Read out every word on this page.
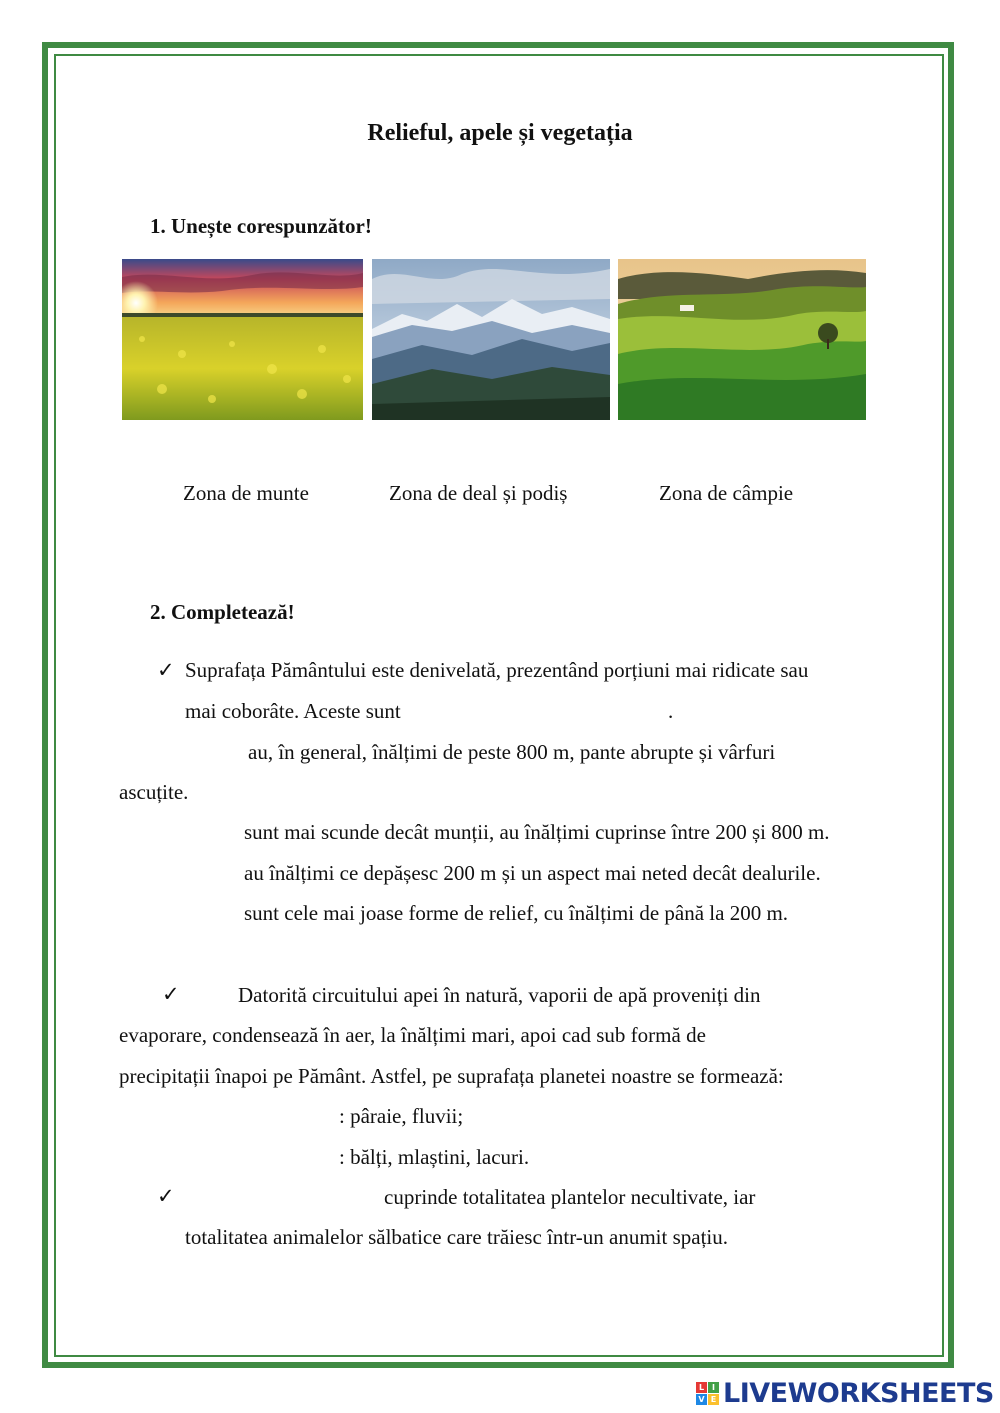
Relieful, apele și vegetația
1. Unește corespunzător!
Zona de munte	Zona de deal și podiș	Zona de câmpie
2. Completează!
✓ Suprafața Pământului este denivelată, prezentând porțiuni mai ridicate sau
mai coborâte. Aceste sunt	.
au, în general, înălțimi de peste 800 m, pante abrupte și vârfuri
ascuțite.
sunt mai scunde decât munții, au înălțimi cuprinse între 200 și 800 m.
au înălțimi ce depășesc 200 m și un aspect mai neted decât dealurile.
sunt cele mai joase forme de relief, cu înălțimi de până la 200 m.
✓	Datorită circuitului apei în natură, vaporii de apă proveniți din
evaporare, condensează în aer, la înălțimi mari, apoi cad sub formă de
precipitații înapoi pe Pământ. Astfel, pe suprafața planetei noastre se formează:
: pâraie, fluvii;
: bălți, mlaștini, lacuri.
✓	cuprinde totalitatea plantelor necultivate, iar
totalitatea animalelor sălbatice care trăiesc într-un anumit spațiu.
L I
V E LIVEWORKSHEETS
